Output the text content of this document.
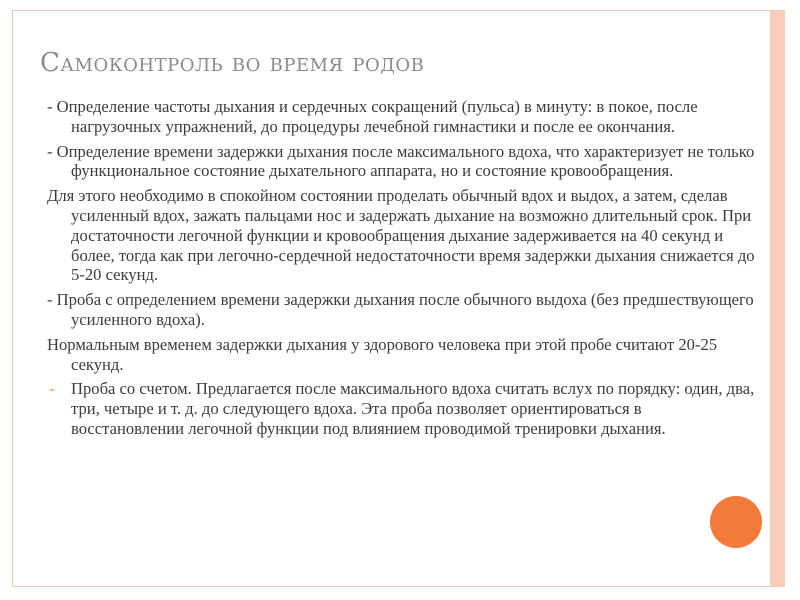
Самоконтроль во время родов

- Определение частоты дыхания и сердечных сокращений (пульса) в минуту: в покое, после нагрузочных упражнений, до процедуры лечебной гимнастики и после ее окончания.

- Определение времени задержки дыхания после максимального вдоха, что характеризует не только функциональное состояние дыхательного аппарата, но и состояние кровообращения.

Для этого необходимо в спокойном состоянии проделать обычный вдох и выдох, а затем, сделав усиленный вдох, зажать пальцами нос и задержать дыхание на возможно длительный срок. При достаточности легочной функции и кровообращения дыхание задерживается на 40 секунд и более, тогда как при легочно-сердечной недостаточности время задержки дыхания снижается до 5-20 секунд.

- Проба с определением времени задержки дыхания после обычного выдоха (без предшествующего усиленного вдоха).

Нормальным временем задержки дыхания у здорового человека при этой пробе считают 20-25 секунд.

- Проба со счетом. Предлагается после максимального вдоха считать вслух по порядку: один, два, три, четыре и т. д. до следующего вдоха. Эта проба позволяет ориентироваться в восстановлении легочной функции под влиянием проводимой тренировки дыхания.
